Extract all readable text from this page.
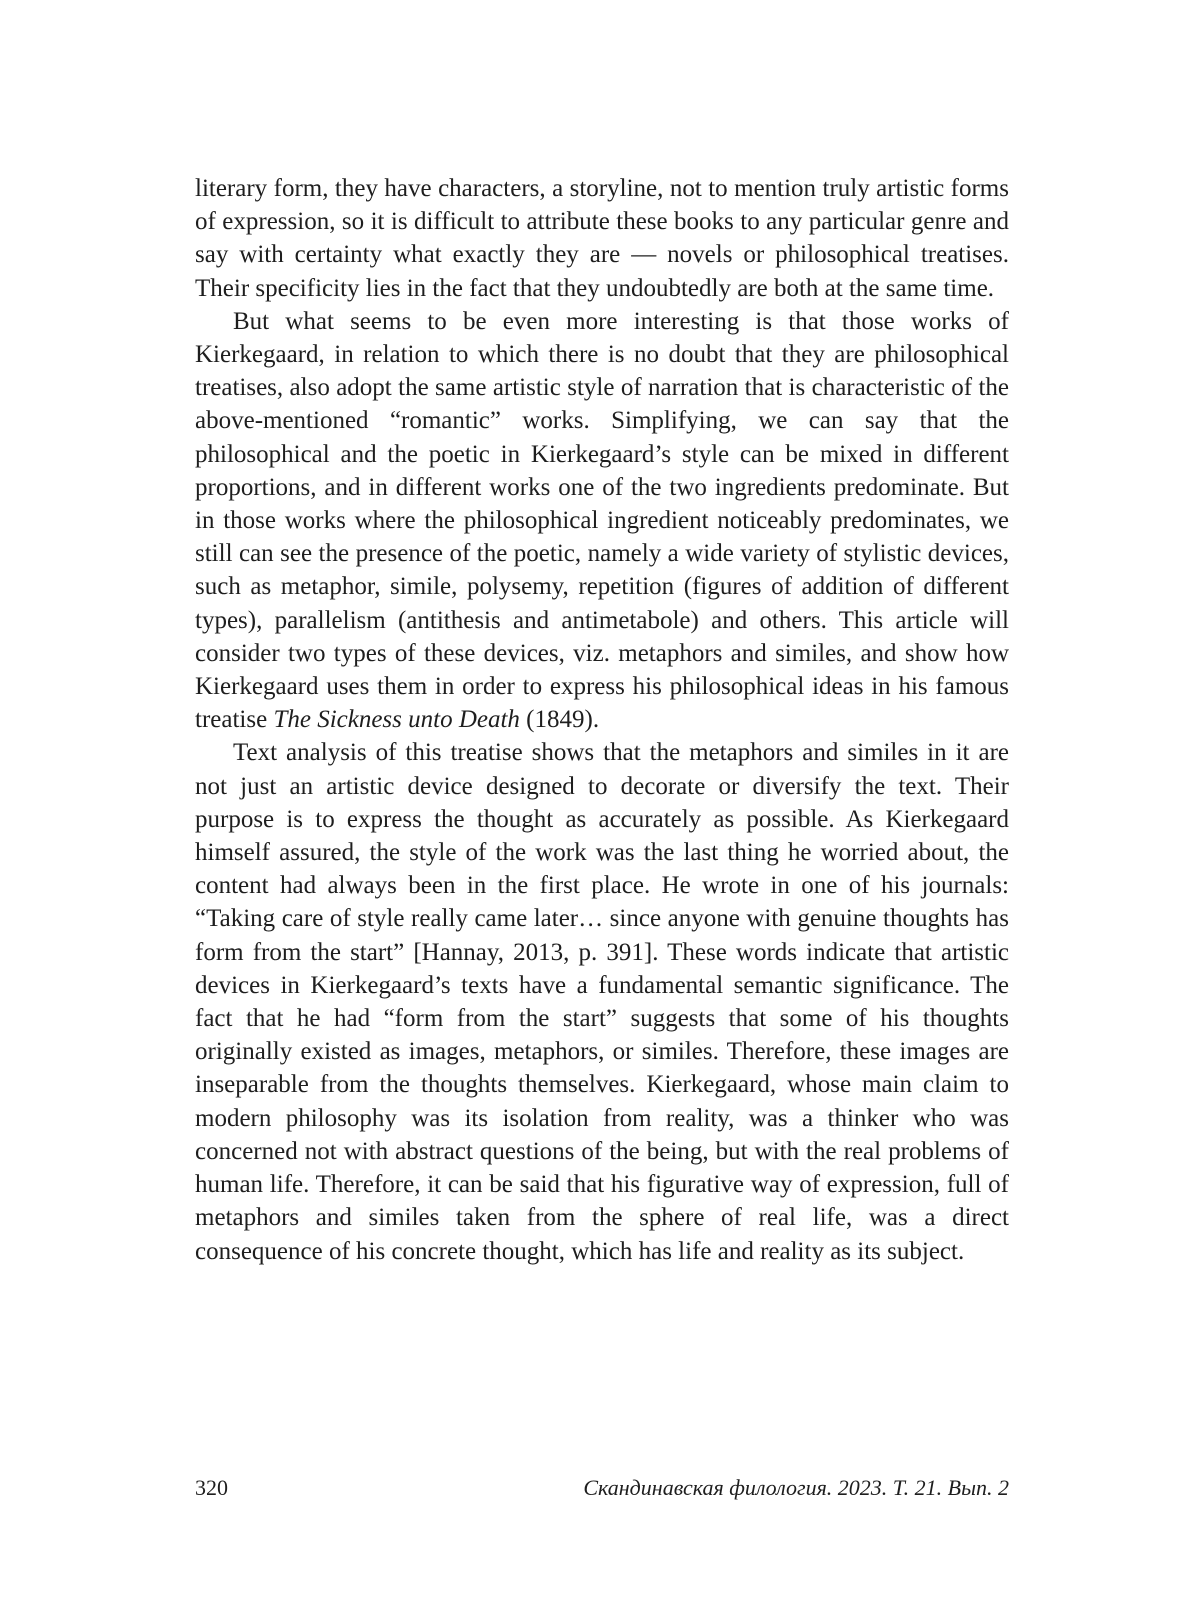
literary form, they have characters, a storyline, not to mention truly artistic forms of expression, so it is difficult to attribute these books to any particular genre and say with certainty what exactly they are — novels or philosophical treatises. Their specificity lies in the fact that they undoubtedly are both at the same time.

But what seems to be even more interesting is that those works of Kierkegaard, in relation to which there is no doubt that they are philosophical treatises, also adopt the same artistic style of narration that is characteristic of the above-mentioned “romantic” works. Simplifying, we can say that the philosophical and the poetic in Kierkegaard’s style can be mixed in different proportions, and in different works one of the two ingredients predominate. But in those works where the philosophical ingredient noticeably predominates, we still can see the presence of the poetic, namely a wide variety of stylistic devices, such as metaphor, simile, polysemy, repetition (figures of addition of different types), parallelism (antithesis and antimetabole) and others. This article will consider two types of these devices, viz. metaphors and similes, and show how Kierkegaard uses them in order to express his philosophical ideas in his famous treatise The Sickness unto Death (1849).

Text analysis of this treatise shows that the metaphors and similes in it are not just an artistic device designed to decorate or diversify the text. Their purpose is to express the thought as accurately as possible. As Kierkegaard himself assured, the style of the work was the last thing he worried about, the content had always been in the first place. He wrote in one of his journals: “Taking care of style really came later… since anyone with genuine thoughts has form from the start” [Hannay, 2013, p. 391]. These words indicate that artistic devices in Kierkegaard’s texts have a fundamental semantic significance. The fact that he had “form from the start” suggests that some of his thoughts originally existed as images, metaphors, or similes. Therefore, these images are inseparable from the thoughts themselves. Kierkegaard, whose main claim to modern philosophy was its isolation from reality, was a thinker who was concerned not with abstract questions of the being, but with the real problems of human life. Therefore, it can be said that his figurative way of expression, full of metaphors and similes taken from the sphere of real life, was a direct consequence of his concrete thought, which has life and reality as its subject.

320	Скандинавская филология. 2023. Т. 21. Вып. 2
